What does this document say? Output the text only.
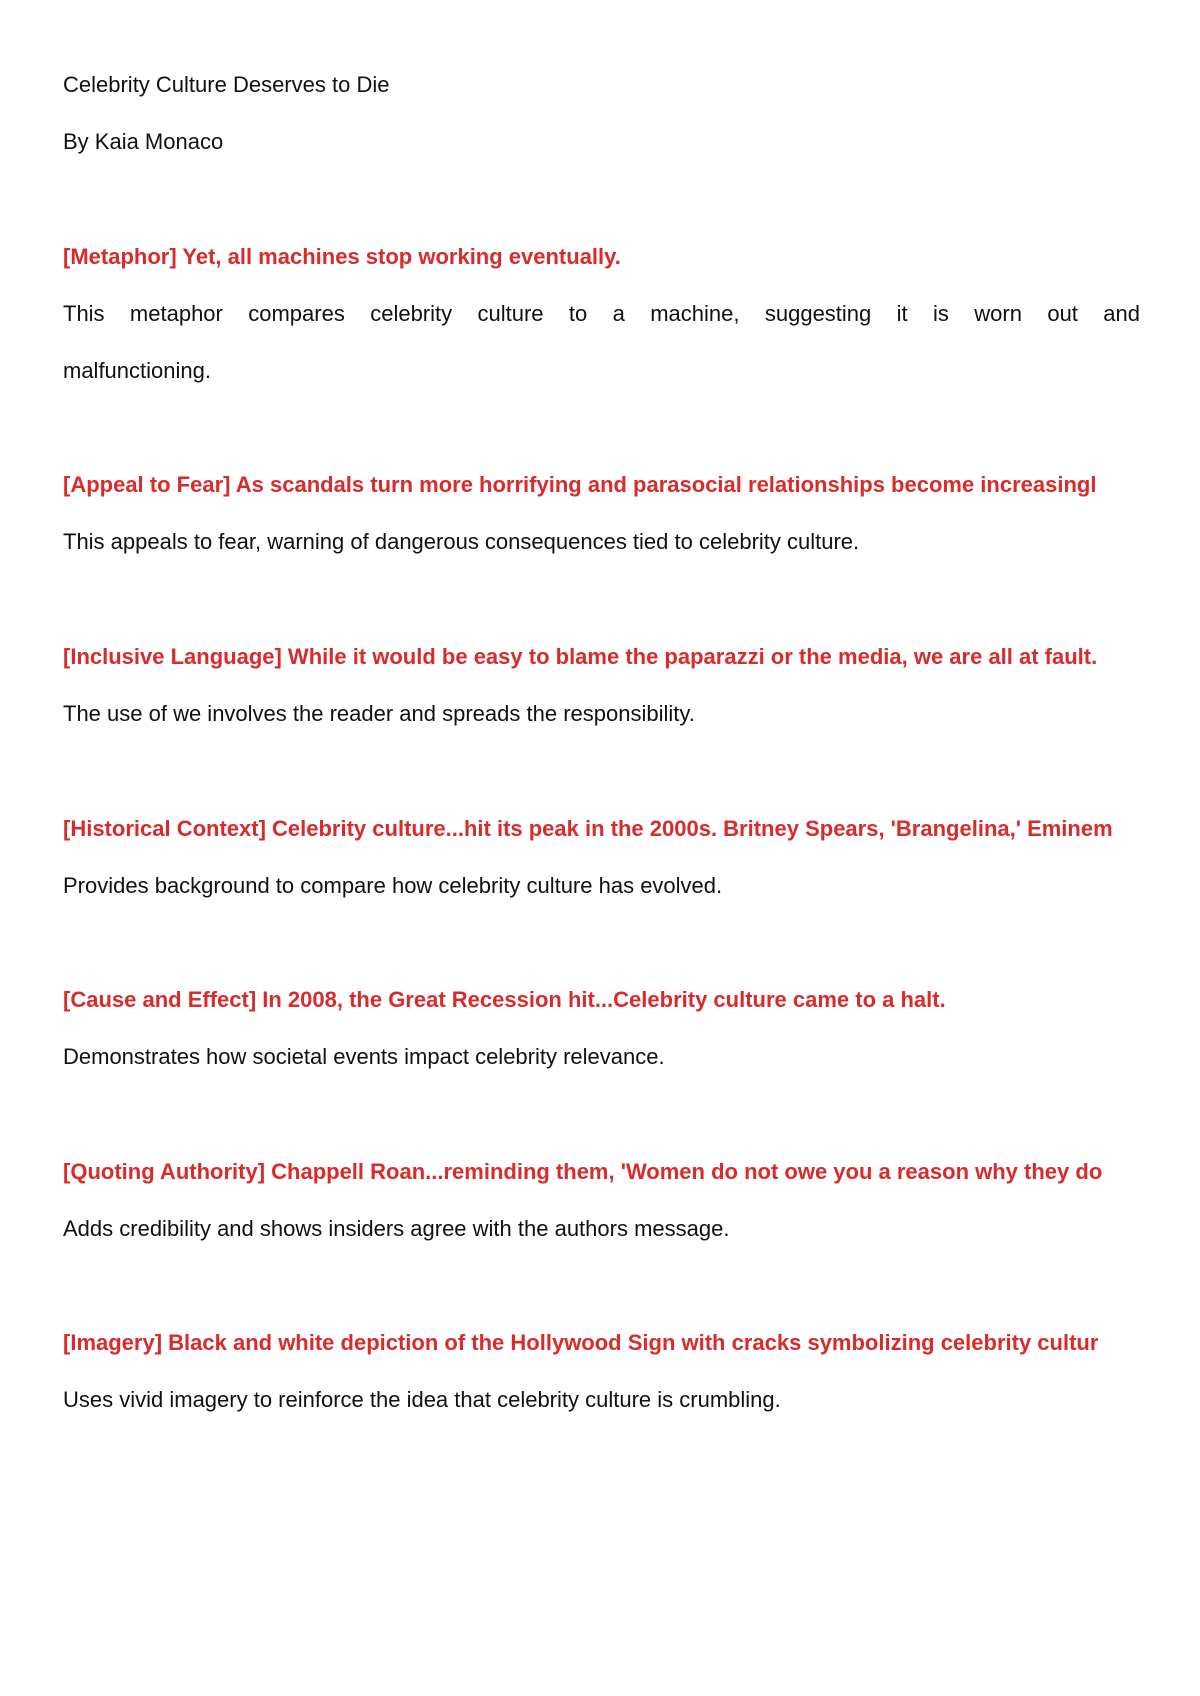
Celebrity Culture Deserves to Die
By Kaia Monaco
[Metaphor] Yet, all machines stop working eventually.
This metaphor compares celebrity culture to a machine, suggesting it is worn out and
malfunctioning.
[Appeal to Fear] As scandals turn more horrifying and parasocial relationships become increasingl
This appeals to fear, warning of dangerous consequences tied to celebrity culture.
[Inclusive Language] While it would be easy to blame the paparazzi or the media, we are all at fault.
The use of we involves the reader and spreads the responsibility.
[Historical Context] Celebrity culture...hit its peak in the 2000s. Britney Spears, 'Brangelina,' Eminem
Provides background to compare how celebrity culture has evolved.
[Cause and Effect] In 2008, the Great Recession hit...Celebrity culture came to a halt.
Demonstrates how societal events impact celebrity relevance.
[Quoting Authority] Chappell Roan...reminding them, 'Women do not owe you a reason why they do
Adds credibility and shows insiders agree with the authors message.
[Imagery] Black and white depiction of the Hollywood Sign with cracks symbolizing celebrity cultur
Uses vivid imagery to reinforce the idea that celebrity culture is crumbling.
